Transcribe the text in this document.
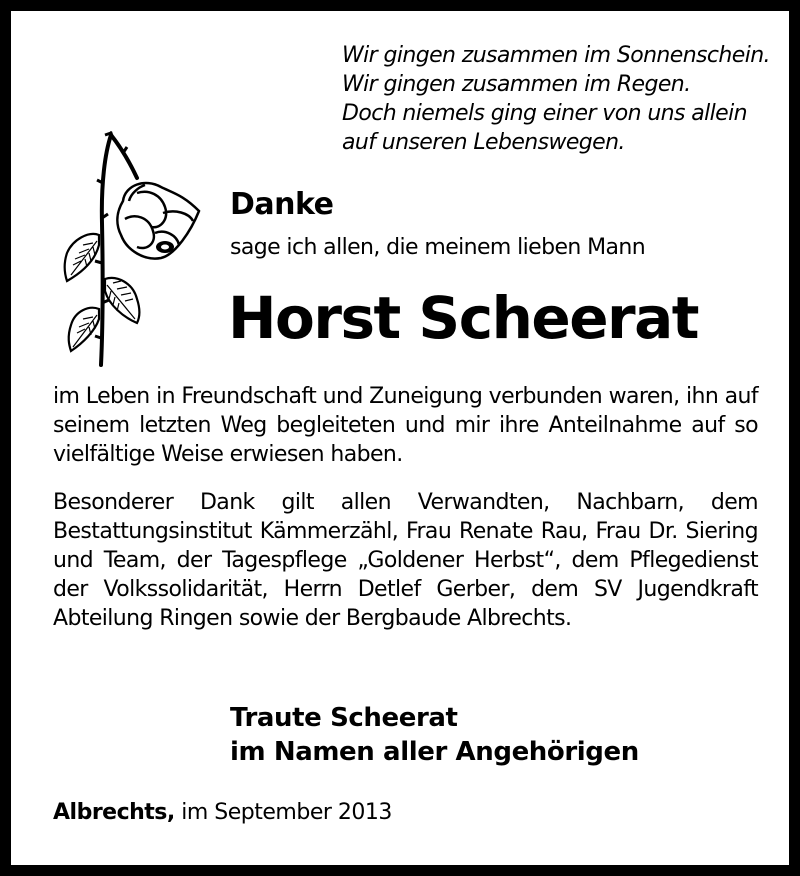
Wir gingen zusammen im Sonnenschein.
Wir gingen zusammen im Regen.
Doch niemels ging einer von uns allein
auf unseren Lebenswegen.
Danke
sage ich allen, die meinem lieben Mann
Horst Scheerat
im Leben in Freundschaft und Zuneigung verbunden waren, ihn auf seinem letzten Weg begleiteten und mir ihre Anteilnahme auf so vielfältige Weise erwiesen haben.
Besonderer Dank gilt allen Verwandten, Nachbarn, dem Bestattungsinstitut Kämmerzähl, Frau Renate Rau, Frau Dr. Siering und Team, der Tagespflege „Goldener Herbst“, dem Pflegedienst der Volkssolidarität, Herrn Detlef Gerber, dem SV Jugendkraft Abteilung Ringen sowie der Bergbaude Albrechts.
Traute Scheerat
im Namen aller Angehörigen
Albrechts, im September 2013
